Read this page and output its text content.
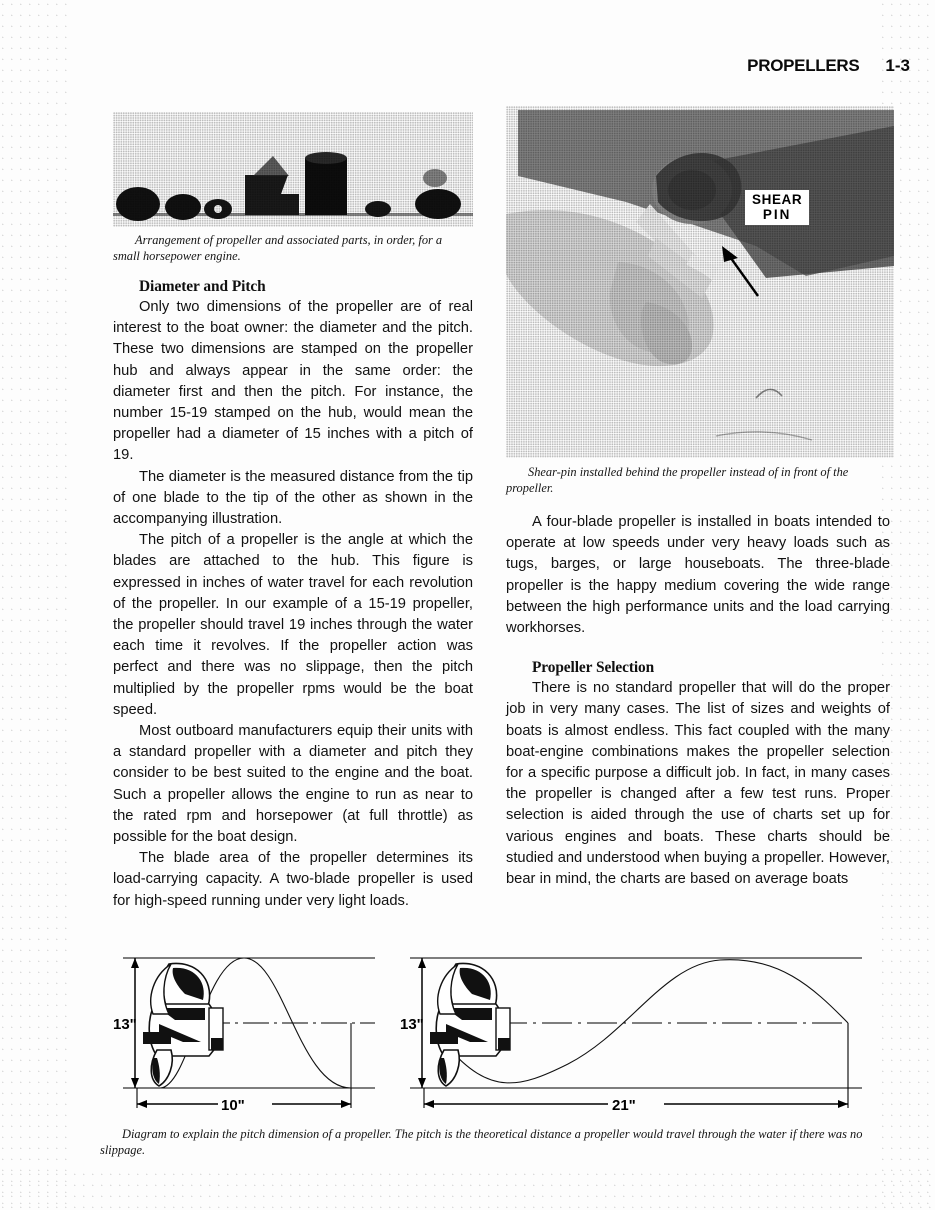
PROPELLERS 1-3
Arrangement of propeller and associated parts, in order, for a small horsepower engine.
SHEAR
PIN
Shear-pin installed behind the propeller instead of in front of the propeller.

Diameter and Pitch

Only two dimensions of the propeller are of real interest to the boat owner: the diameter and the pitch. These two dimensions are stamped on the propeller hub and always appear in the same order: the diameter first and then the pitch. For instance, the number 15-19 stamped on the hub, would mean the propeller had a diameter of 15 inches with a pitch of 19.

The diameter is the measured distance from the tip of one blade to the tip of the other as shown in the accompanying illustration.

The pitch of a propeller is the angle at which the blades are attached to the hub. This figure is expressed in inches of water travel for each revolution of the propeller. In our example of a 15-19 propeller, the propeller should travel 19 inches through the water each time it revolves. If the propeller action was perfect and there was no slippage, then the pitch multiplied by the propeller rpms would be the boat speed.

Most outboard manufacturers equip their units with a standard propeller with a diameter and pitch they consider to be best suited to the engine and the boat. Such a propeller allows the engine to run as near to the rated rpm and horsepower (at full throttle) as possible for the boat design.

The blade area of the propeller determines its load-carrying capacity. A two-blade propeller is used for high-speed running under very light loads.

A four-blade propeller is installed in boats intended to operate at low speeds under very heavy loads such as tugs, barges, or large houseboats. The three-blade propeller is the happy medium covering the wide range between the high performance units and the load carrying workhorses.

Propeller Selection

There is no standard propeller that will do the proper job in very many cases. The list of sizes and weights of boats is almost endless. This fact coupled with the many boat-engine combinations makes the propeller selection for a specific purpose a difficult job. In fact, in many cases the propeller is changed after a few test runs. Proper selection is aided through the use of charts set up for various engines and boats. These charts should be studied and understood when buying a propeller. However, bear in mind, the charts are based on average boats

13"
10"
13"
21"
Diagram to explain the pitch dimension of a propeller. The pitch is the theoretical distance a propeller would travel through the water if there was no slippage.
